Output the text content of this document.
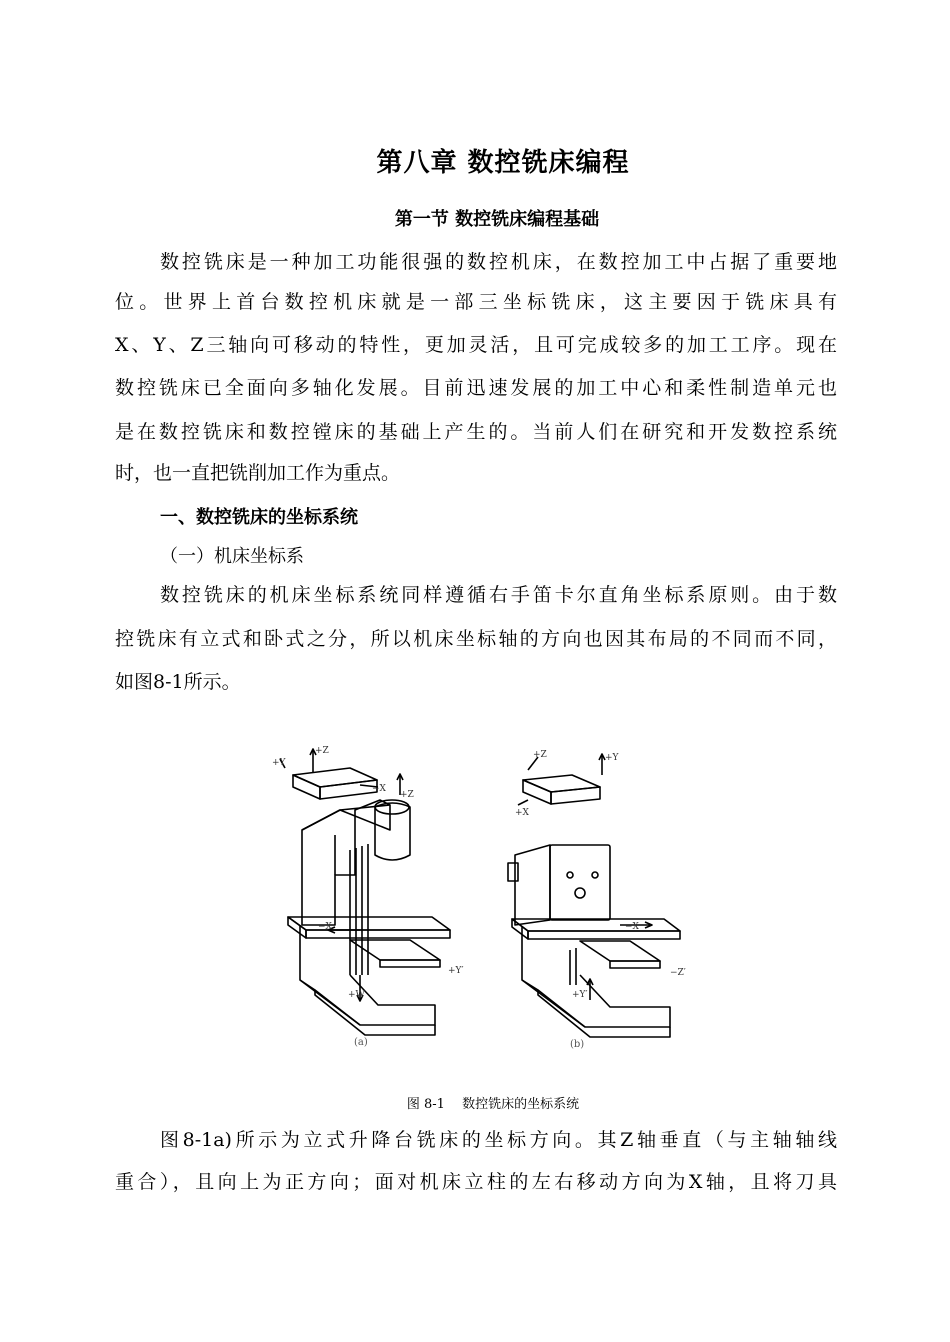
第八章 数控铣床编程
第一节 数控铣床编程基础
数控铣床是一种加工功能很强的数控机床，在数控加工中占据了重要地
位。世界上首台数控机床就是一部三坐标铣床，这主要因于铣床具有
X、Y、Z三轴向可移动的特性，更加灵活，且可完成较多的加工工序。现在
数控铣床已全面向多轴化发展。目前迅速发展的加工中心和柔性制造单元也
是在数控铣床和数控镗床的基础上产生的。当前人们在研究和开发数控系统
时，也一直把铣削加工作为重点。
一、数控铣床的坐标系统
（一）机床坐标系
数控铣床的机床坐标系统同样遵循右手笛卡尔直角坐标系原则。由于数
控铣床有立式和卧式之分，所以机床坐标轴的方向也因其布局的不同而不同，
如图8-1所示。
+Z
+Y
−X
+Z
−X
+Y′
+W
+Z	+Y
+X
−X
−Z′
+Y′
(a)	(b)
图 8-1　 数控铣床的坐标系统
图8-1a)所示为立式升降台铣床的坐标方向。其Z轴垂直（与主轴轴线
重合），且向上为正方向；面对机床立柱的左右移动方向为X轴，且将刀具
